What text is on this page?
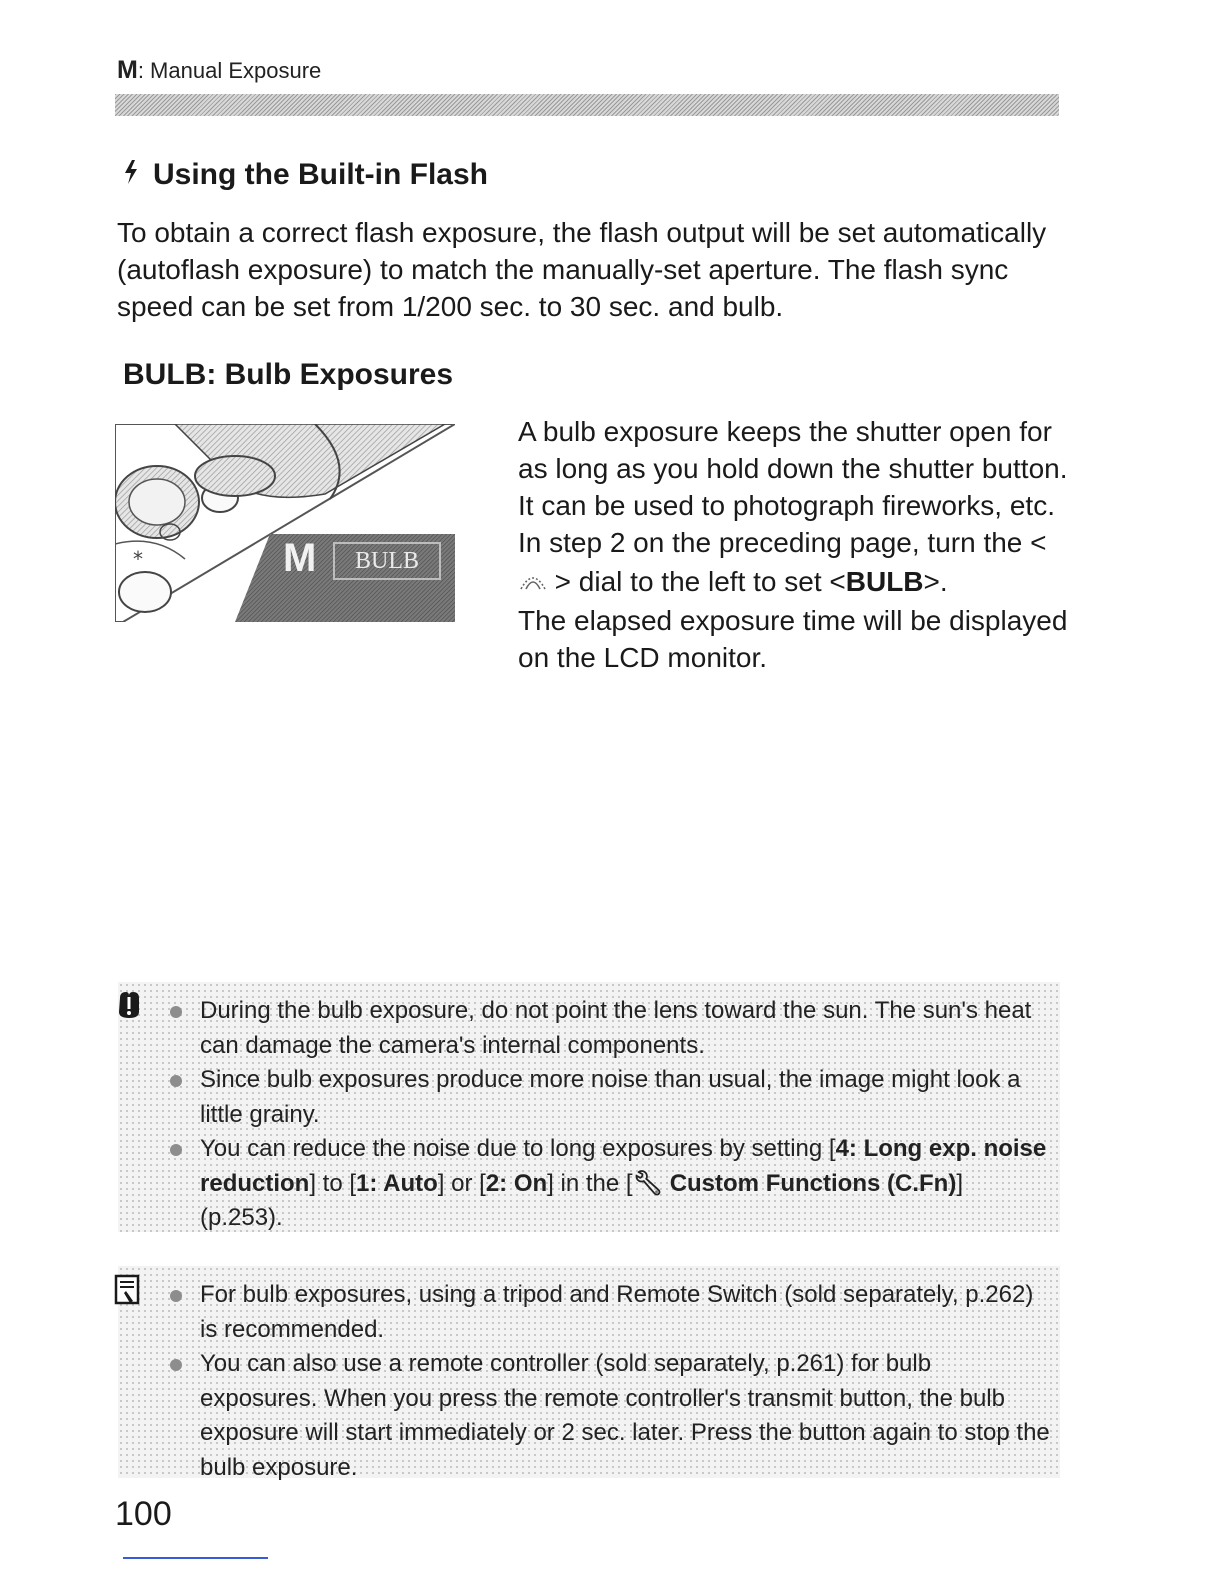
M: Manual Exposure
Using the Built-in Flash

To obtain a correct flash exposure, the flash output will be set automatically (autoflash exposure) to match the manually-set aperture. The flash sync speed can be set from 1/200 sec. to 30 sec. and bulb.

BULB: Bulb Exposures
*	M	BULB
A bulb exposure keeps the shutter open for as long as you hold down the shutter button. It can be used to photograph fireworks, etc.
In step 2 on the preceding page, turn the <  > dial to the left to set <BULB>.
The elapsed exposure time will be displayed on the LCD monitor.
During the bulb exposure, do not point the lens toward the sun. The sun's heat can damage the camera's internal components.
Since bulb exposures produce more noise than usual, the image might look a little grainy.
You can reduce the noise due to long exposures by setting [4: Long exp. noise reduction] to [1: Auto] or [2: On] in the [🔧︎ Custom Functions (C.Fn)] (p.253).
For bulb exposures, using a tripod and Remote Switch (sold separately, p.262) is recommended.
You can also use a remote controller (sold separately, p.261) for bulb exposures. When you press the remote controller's transmit button, the bulb exposure will start immediately or 2 sec. later. Press the button again to stop the bulb exposure.
100
